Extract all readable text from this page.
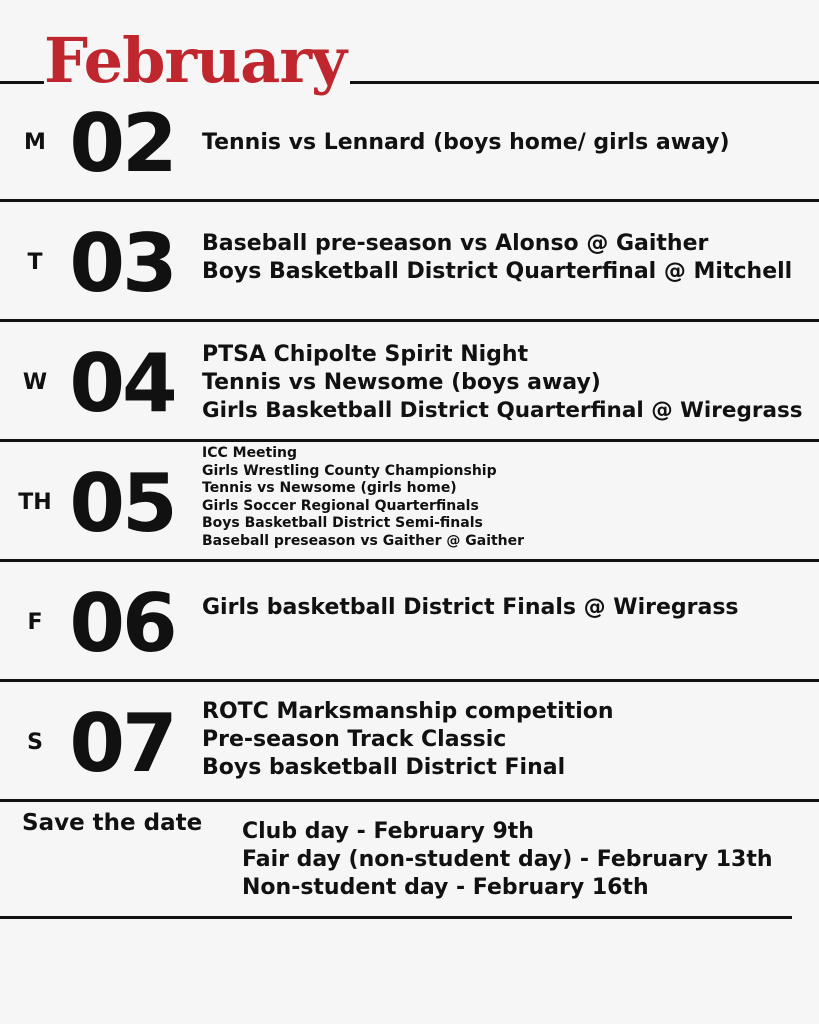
February
M 02	Tennis vs Lennard (boys home/ girls away)
T 03	Baseball pre-season vs Alonso @ Gaither
Boys Basketball District Quarterfinal @ Mitchell
W 04	PTSA Chipolte Spirit Night
Tennis vs Newsome (boys away)
Girls Basketball District Quarterfinal @ Wiregrass
TH 05
ICC Meeting
Girls Wrestling County Championship
Tennis vs Newsome (girls home)
Girls Soccer Regional Quarterfinals
Boys Basketball District Semi-finals
Baseball preseason vs Gaither @ Gaither
F 06	Girls basketball District Finals @ Wiregrass
S 07	ROTC Marksmanship competition
Pre-season Track Classic
Boys basketball District Final
Save the date Club day - February 9th
Fair day (non-student day) - February 13th
Non-student day - February 16th
